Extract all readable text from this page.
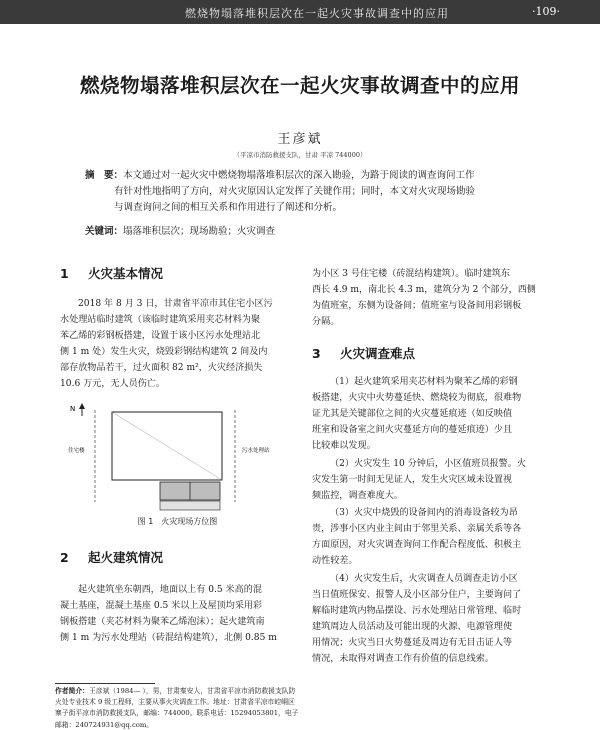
燃烧物塌落堆积层次在一起火灾事故调查中的应用	·109·
燃烧物塌落堆积层次在一起火灾事故调查中的应用
王彦斌
（平凉市消防救援支队，甘肃 平凉 744000）
摘　要：本文通过对一起火灾中燃烧物塌落堆积层次的深入勘验，为路于阅读的调查询问工作
有针对性地指明了方向，对火灾原因认定发挥了关键作用；同时，本文对火灾现场勘验
与调查询问之间的相互关系和作用进行了阐述和分析。
关键词：塌落堆积层次；现场勘验；火灾调查
1 火灾基本情况
2018 年 8 月 3 日，甘肃省平凉市其住宅小区污
水处理站临时建筑（该临时建筑采用夹芯材料为聚
苯乙烯的彩钢板搭建，设置于该小区污水处理站北
侧 1 m 处）发生火灾，烧毁彩钢结构建筑 2 间及内
部存放物品若干，过火面积 82 m²，火灾经济损失
10.6 万元，无人员伤亡。
N
住宅楼	污水处理站
图 1　火灾现场方位图
2 起火建筑情况
起火建筑坐东朝西，地面以上有 0.5 米高的混
凝土基座，混凝土基座 0.5 米以上及屋顶均采用彩
钢板搭建（夹芯材料为聚苯乙烯泡沫）；起火建筑南
侧 1 m 为污水处理站（砖混结构建筑），北侧 0.85 m
作者简介：王彦斌（1984— ），男，甘肃秦安人，甘肃省平凉市消防救援支队防火处专业技术 9 级工程师，主要从事火灾调查工作。地址：甘肃省平凉市崆峒区寨子街平凉市消防救援支队，邮编：744000。联系电话：15294053801，电子邮箱：240724931@qq.com。
为小区 3 号住宅楼（砖混结构建筑）。临时建筑东
西长 4.9 m，南北长 4.3 m，建筑分为 2 个部分，西侧
为值班室，东侧为设备间；值班室与设备间用彩钢板
分隔。
3 火灾调查难点
（1）起火建筑采用夹芯材料为聚苯乙烯的彩钢
板搭建，火灾中火势蔓延快、燃烧较为彻底，很难物
证尤其是关键部位之间的火灾蔓延痕迹（如反映值
班室和设备室之间火灾蔓延方向的蔓延痕迹）少且
比较难以发现。
（2）火灾发生 10 分钟后，小区值班员报警。火
灾发生第一时间无见证人，发生火灾区域未设置视
频监控，调查难度大。
（3）火灾中烧毁的设备间内的消毒设备较为昂
贵，涉事小区内业主间由于邻里关系、亲属关系等各
方面原因，对火灾调查询问工作配合程度低、积极主
动性较差。
（4）火灾发生后，火灾调查人员调查走访小区
当日值班保安、报警人及小区部分住户，主要询问了
解临时建筑内物品摆设、污水处理站日常管理、临时
建筑周边人员活动及可能出现的火源、电源管理使
用情况；火灾当日火势蔓延及周边有无目击证人等
情况，未取得对调查工作有价值的信息线索。
